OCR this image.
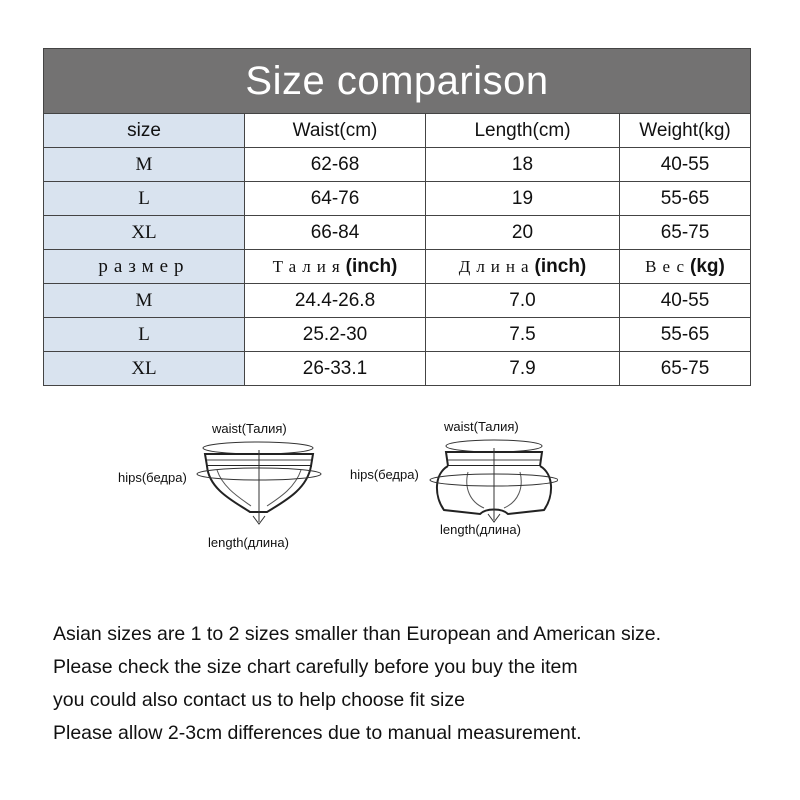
Size comparison			
size	Waist(cm)	Length(cm)	Weight(kg)
M	62-68	18	40-55
L	64-76	19	55-65
XL	66-84	20	65-75
размер	Талия(inch)	Длина(inch)	Вес(kg)
M	24.4-26.8	7.0	40-55
L	25.2-30	7.5	55-65
XL	26-33.1	7.9	65-75
waist(Талия)
hips(бедра)
length(длина)
waist(Талия)
hips(бедра)
length(длина)

Asian sizes are 1 to 2 sizes smaller than European and American size.

Please check the size chart carefully before you buy the item

you could also contact us to help choose fit size

Please allow 2-3cm differences due to manual measurement.
